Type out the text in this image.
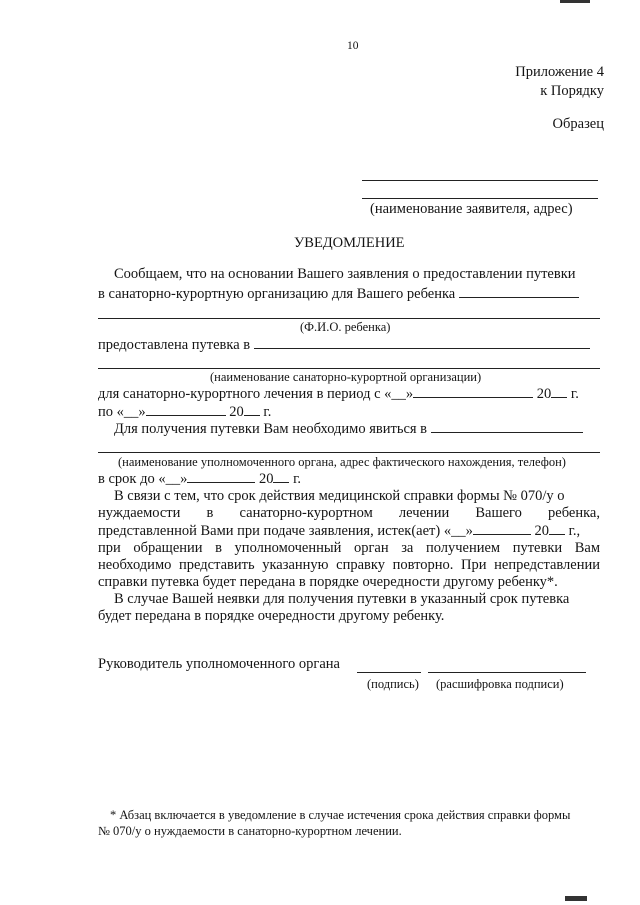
10
Приложение 4
к Порядку
Образец
(наименование заявителя, адрес)
УВЕДОМЛЕНИЕ
Сообщаем, что на основании Вашего заявления о предоставлении путевки
в санаторно-курортную организацию для Вашего ребенка
(Ф.И.О. ребенка)
предоставлена путевка в
(наименование санаторно-курортной организации)
для санаторно-курортного лечения в период с «__»	20 г.
по «__»	20 г.
Для получения путевки Вам необходимо явиться в
(наименование уполномоченного органа, адрес фактического нахождения, телефон)
в срок до «__»	20 г.
В связи с тем, что срок действия медицинской справки формы № 070/у о
нуждаемости в санаторно-курортном лечении Вашего ребенка,
представленной Вами при подаче заявления, истек(ает) «__»	20 г.,
при обращении в уполномоченный орган за получением путевки Вам
необходимо представить указанную справку повторно. При непредставлении
справки путевка будет передана в порядке очередности другому ребенку*.
В случае Вашей неявки для получения путевки в указанный срок путевка
будет передана в порядке очередности другому ребенку.
Руководитель уполномоченного органа
(подпись) (расшифровка подписи)
* Абзац включается в уведомление в случае истечения срока действия справки формы
№ 070/у о нуждаемости в санаторно-курортном лечении.
